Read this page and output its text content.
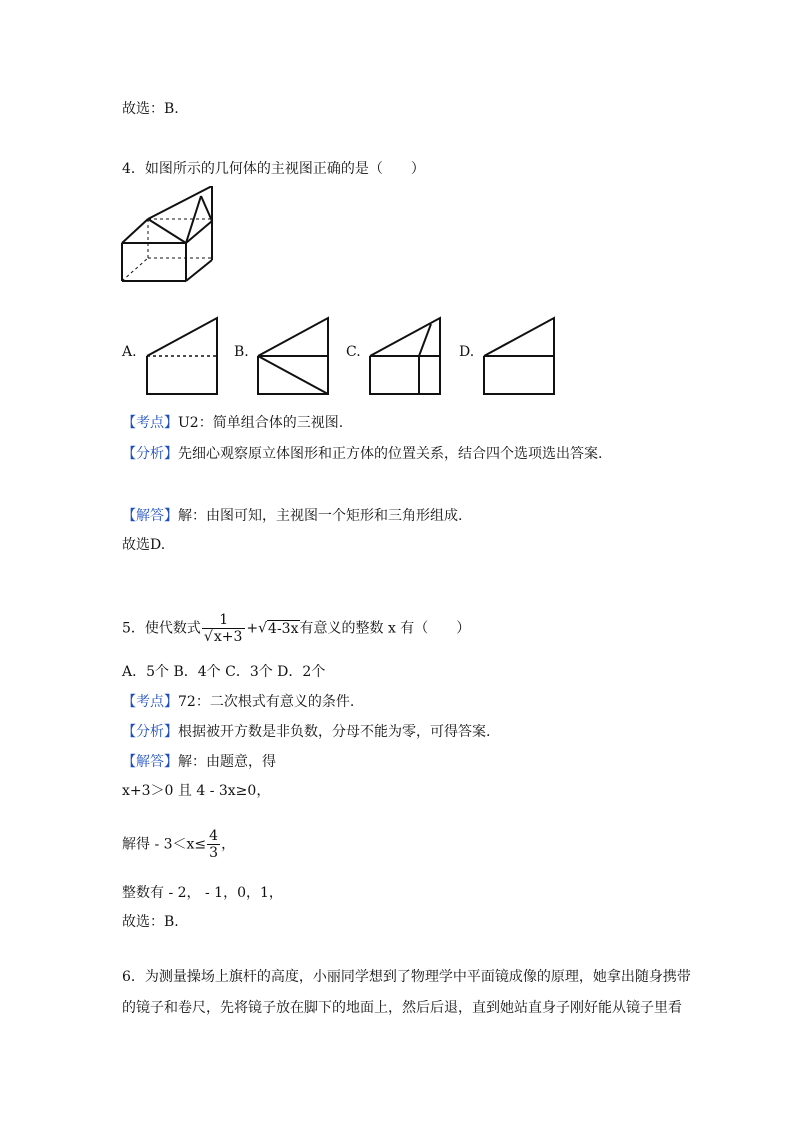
故选：B.
4．如图所示的几何体的主视图正确的是（　　）
A.	B.	C.	D.
【考点】U2：简单组合体的三视图.
【分析】先细心观察原立体图形和正方体的位置关系，结合四个选项选出答案.
【解答】解：由图可知，主视图一个矩形和三角形组成.
故选D.
5．使代数式 $\frac{1}{√x+3} +√4-3x$有意义的整数 x 有（　　）
A．5个 B．4个 C．3个 D．2个
【考点】72：二次根式有意义的条件.
【分析】根据被开方数是非负数，分母不能为零，可得答案.
【解答】解：由题意，得
x+3＞0 且 4 - 3x≥0，
解得 - $3<x\le \frac{4}{3}$ ，
整数有 - 2， - 1，0，1，
故选：B.
6．为测量操场上旗杆的高度，小丽同学想到了物理学中平面镜成像的原理，她拿出随身携带
的镜子和卷尺，先将镜子放在脚下的地面上，然后后退，直到她站直身子刚好能从镜子里看
